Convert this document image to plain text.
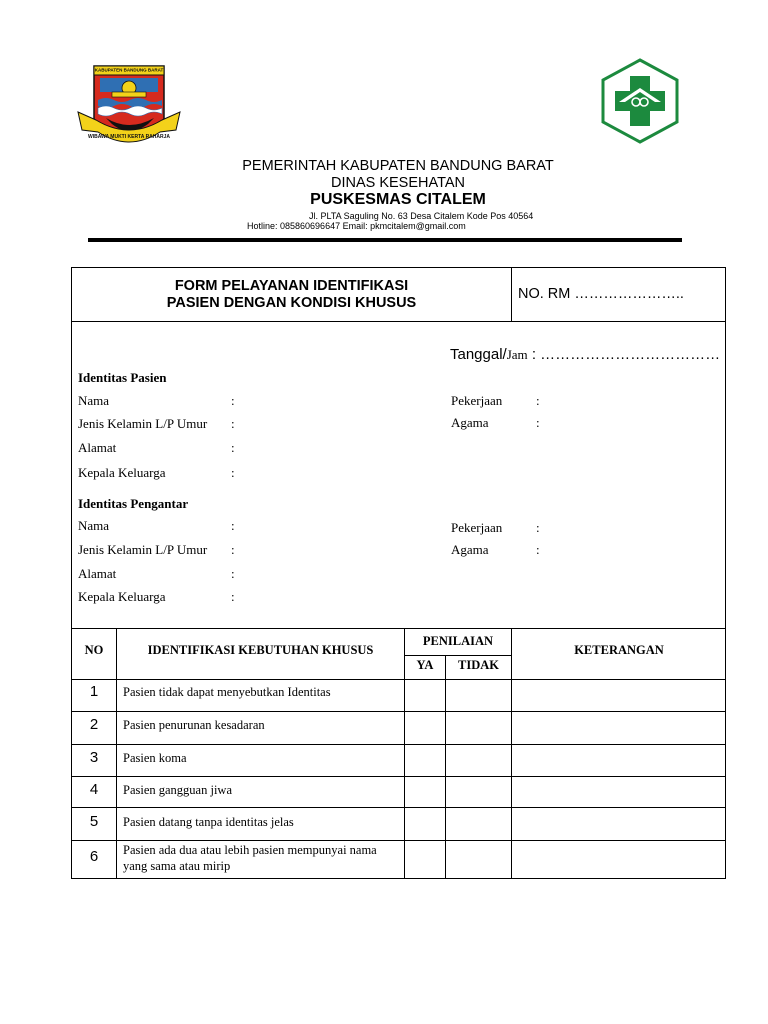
KABUPATEN BANDUNG BARAT
WIBAWA MUKTI KERTA RAHARJA
PEMERINTAH KABUPATEN BANDUNG BARAT
DINAS KESEHATAN
PUSKESMAS CITALEM
Jl. PLTA Saguling No. 63 Desa Citalem Kode Pos 40564
Hotline: 085860696647 Email: pkmcitalem@gmail.com
FORM PELAYANAN IDENTIFIKASI
PASIEN DENGAN KONDISI KHUSUS
NO. RM …………………..
Tanggal/Jam : ………………………………
Identitas Pasien
Nama	:	Pekerjaan	:
Jenis Kelamin L/P Umur :	Agama	:
Alamat	:
Kepala Keluarga	:
Identitas Pengantar
Nama	:	Pekerjaan	:
Jenis Kelamin L/P Umur :	Agama	:
Alamat	:
Kepala Keluarga	:
NO	IDENTIFIKASI KEBUTUHAN KHUSUS
PENILAIAN
YA	TIDAK
KETERANGAN
1	Pasien tidak dapat menyebutkan Identitas
2	Pasien penurunan kesadaran
3	Pasien koma
4	Pasien gangguan jiwa
5	Pasien datang tanpa identitas jelas
6	Pasien ada dua atau lebih pasien mempunyai nama yang sama atau mirip
